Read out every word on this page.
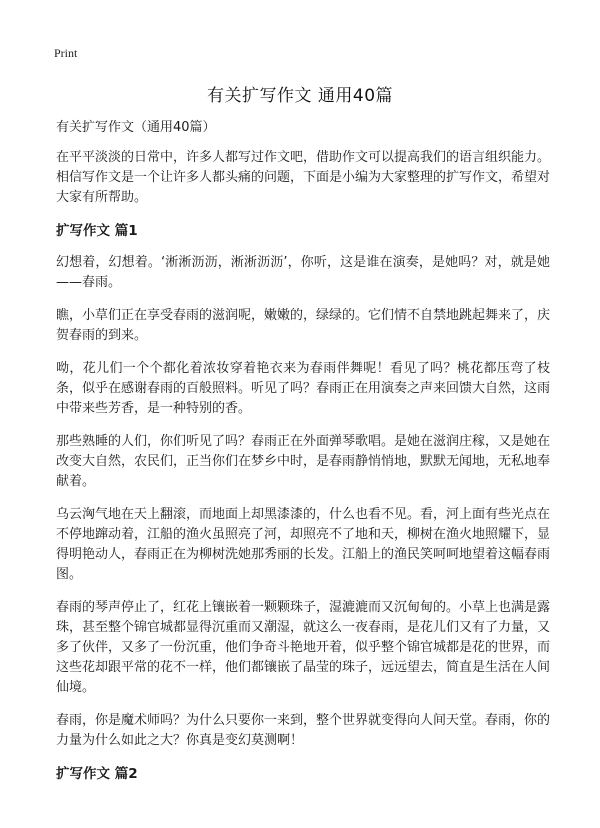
Print
有关扩写作文 通用40篇
有关扩写作文（通用40篇）

在平平淡淡的日常中，许多人都写过作文吧，借助作文可以提高我们的语言组织能力。相信写作文是一个让许多人都头痛的问题，下面是小编为大家整理的扩写作文，希望对大家有所帮助。

扩写作文 篇1

幻想着，幻想着。‘淅淅沥沥，淅淅沥沥’，你听，这是谁在演奏，是她吗？对，就是她——春雨。

瞧，小草们正在享受春雨的滋润呢，嫩嫩的，绿绿的。它们情不自禁地跳起舞来了，庆贺春雨的到来。

呦，花儿们一个个都化着浓妆穿着艳衣来为春雨伴舞呢！看见了吗？桃花都压弯了枝条，似乎在感谢春雨的百般照料。听见了吗？春雨正在用演奏之声来回馈大自然，这雨中带来些芳香，是一种特别的香。

那些熟睡的人们，你们听见了吗？春雨正在外面弹琴歌唱。是她在滋润庄稼，又是她在改变大自然，农民们，正当你们在梦乡中时，是春雨静悄悄地，默默无闻地，无私地奉献着。

乌云洶气地在天上翻滚，而地面上却黑漆漆的，什么也看不见。看，河上面有些光点在不停地蹿动着，江船的渔火虽照亮了河，却照亮不了地和天，柳树在渔火地照耀下，显得明艳动人，春雨正在为柳树洗她那秀丽的长发。江船上的渔民笑呵呵地望着这幅春雨图。

春雨的琴声停止了，红花上镶嵌着一颗颗珠子，湿漉漉而又沉甸甸的。小草上也满是露珠，甚至整个锦官城都显得沉重而又潮湿，就这么一夜春雨，是花儿们又有了力量，又多了伙伴，又多了一份沉重，他们争奇斗艳地开着，似乎整个锦官城都是花的世界，而这些花却跟平常的花不一样，他们都镶嵌了晶莹的珠子，远远望去，简直是生活在人间仙境。

春雨，你是魔术师吗？为什么只要你一来到，整个世界就变得向人间天堂。春雨，你的力量为什么如此之大？你真是变幻莫测啊！

扩写作文 篇2
